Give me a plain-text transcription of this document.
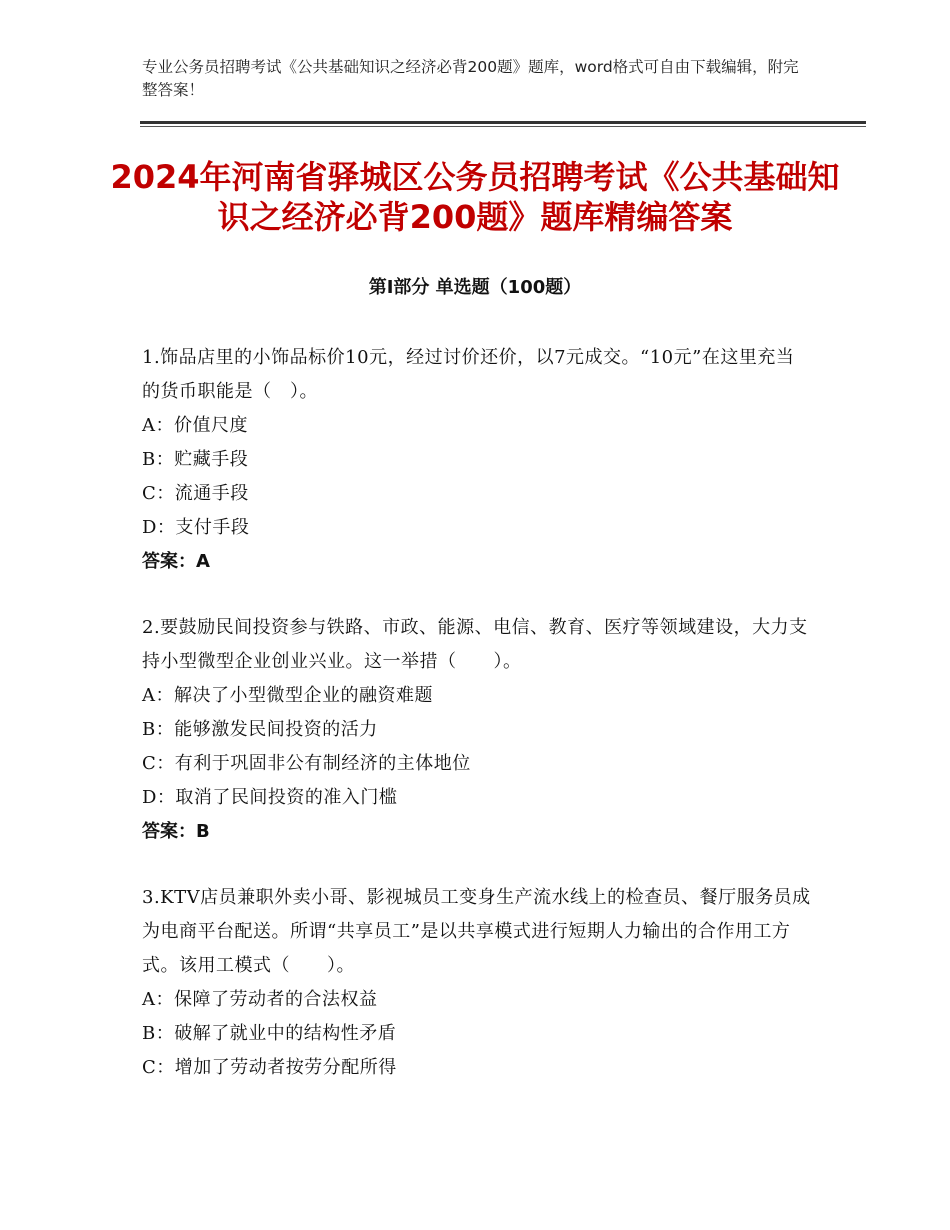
专业公务员招聘考试《公共基础知识之经济必背200题》题库，word格式可自由下载编辑，附完整答案！
2024年河南省驿城区公务员招聘考试《公共基础知识之经济必背200题》题库精编答案
第Ⅰ部分 单选题（100题）
1.饰品店里的小饰品标价10元，经过讨价还价，以7元成交。“10元”在这里充当的货币职能是（　）。
A：价值尺度
B：贮藏手段
C：流通手段
D：支付手段
答案：A
2.要鼓励民间投资参与铁路、市政、能源、电信、教育、医疗等领域建设，大力支持小型微型企业创业兴业。这一举措（　　）。
A：解决了小型微型企业的融资难题
B：能够激发民间投资的活力
C：有利于巩固非公有制经济的主体地位
D：取消了民间投资的准入门槛
答案：B
3.KTV店员兼职外卖小哥、影视城员工变身生产流水线上的检查员、餐厅服务员成为电商平台配送。所谓“共享员工”是以共享模式进行短期人力输出的合作用工方式。该用工模式（　　）。
A：保障了劳动者的合法权益
B：破解了就业中的结构性矛盾
C：增加了劳动者按劳分配所得
